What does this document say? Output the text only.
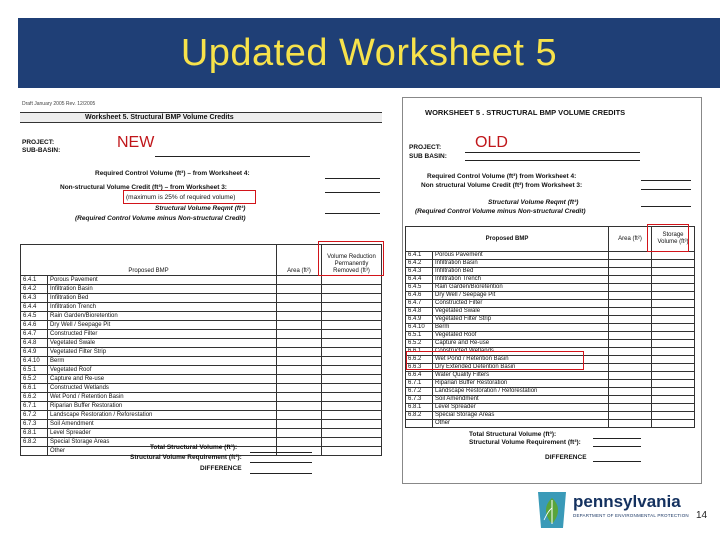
Updated Worksheet 5
Draft January 2005 Rev. 12/2005
Worksheet 5. Structural BMP Volume Credits
PROJECT:
SUB-BASIN:
Required Control Volume (ft³) – from Worksheet 4:
Non-structural Volume Credit (ft³) – from Worksheet 3:
(maximum is 25% of required volume)
Structural Volume Reqmt (ft³)
(Required Control Volume minus Non-structural Credit)
Proposed BMP		Area (ft²)	Volume Reduction Permanently Removed (ft³)
6.4.1	Porous Pavement		
6.4.2	Infiltration Basin		
6.4.3	Infiltration Bed		
6.4.4	Infiltration Trench		
6.4.5	Rain Garden/Bioretention		
6.4.6	Dry Well / Seepage Pit		
6.4.7	Constructed Filter		
6.4.8	Vegetated Swale		
6.4.9	Vegetated Filter Strip		
6.4.10	Berm		
6.5.1	Vegetated Roof		
6.5.2	Capture and Re-use		
6.6.1	Constructed Wetlands		
6.6.2	Wet Pond / Retention Basin		
6.7.1	Riparian Buffer Restoration		
6.7.2	Landscape Restoration / Reforestation		
6.7.3	Soil Amendment		
6.8.1	Level Spreader		
6.8.2	Special Storage Areas		
	Other			Total Structural Volume (ft³):
Structural Volume Requirement (ft³):
DIFFERENCE
NEW
WORKSHEET 5 . STRUCTURAL BMP VOLUME CREDITS
PROJECT:
SUB BASIN:
Required Control Volume (ft³) from Worksheet 4:
Non structural Volume Credit (ft³) from Worksheet 3:
Structural Volume Reqmt (ft³)
(Required Control Volume minus Non-structural Credit)
Proposed BMP		Area (ft²)	Storage Volume (ft³)
6.4.1	Porous Pavement		
6.4.2	Infiltration Basin		
6.4.3	Infiltration Bed		
6.4.4	Infiltration Trench		
6.4.5	Rain Garden/Bioretention		
6.4.6	Dry Well / Seepage Pit		
6.4.7	Constructed Filter		
6.4.8	Vegetated Swale		
6.4.9	Vegetated Filter Strip		
6.4.10	Berm		
6.5.1	Vegetated Roof		
6.5.2	Capture and Re-use		
6.6.1	Constructed Wetlands		
6.6.2	Wet Pond / Retention Basin		
6.6.3	Dry Extended Detention Basin		
6.6.4	Water Quality Filters		
6.7.1	Riparian Buffer Restoration		
6.7.2	Landscape Restoration / Reforestation		
6.7.3	Soil Amendment		
6.8.1	Level Spreader		
6.8.2	Special Storage Areas		
	Other		
Total Structural Volume (ft³):
Structural Volume Requirement (ft³):
DIFFERENCE
OLD
pennsylvania
DEPARTMENT OF ENVIRONMENTAL PROTECTION 14
